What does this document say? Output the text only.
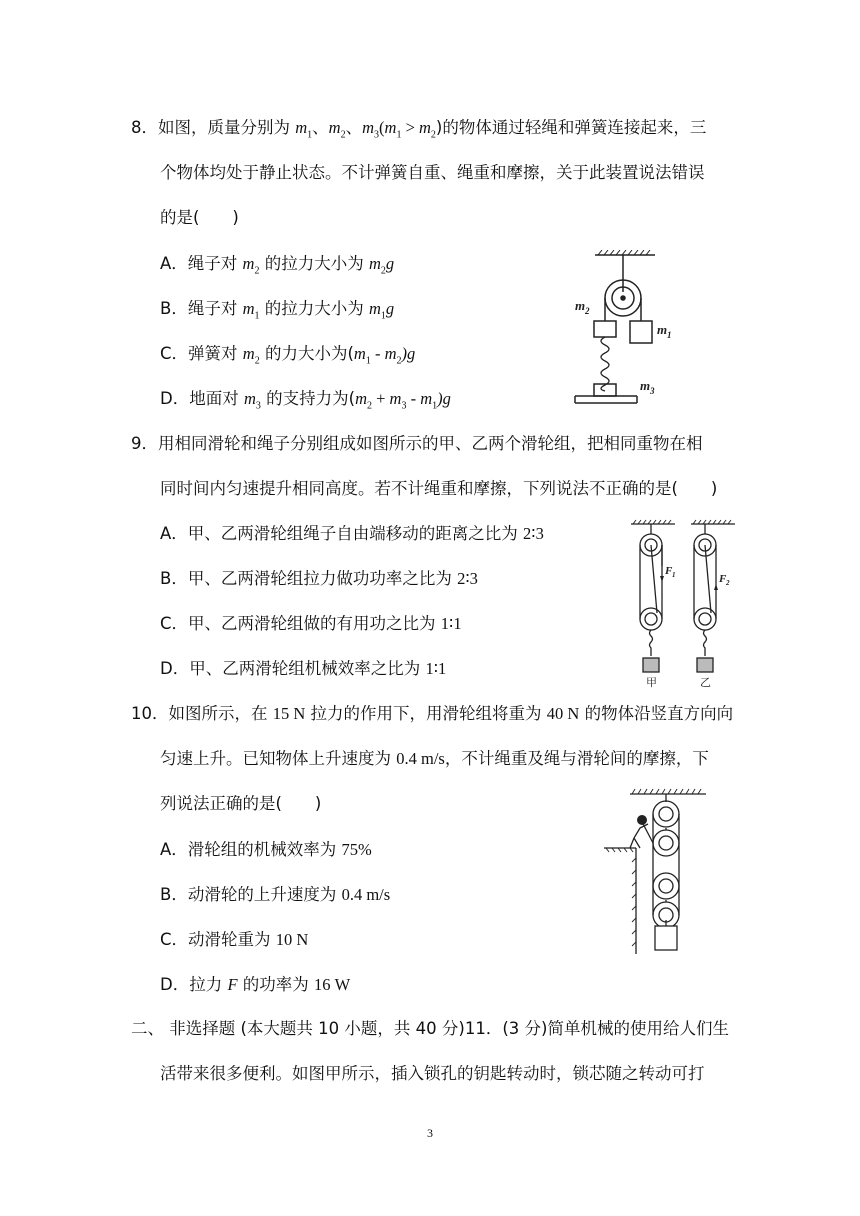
8．如图，质量分别为 $m_1$、$m_2$、$m_3(m_1 > m_2)$的物体通过轻绳和弹簧连接起来，三
个物体均处于静止状态。不计弹簧自重、绳重和摩擦，关于此装置说法错误
的是(　　)
A．绳子对 $m_2$ 的拉力大小为 $m_2g$
B．绳子对 $m_1$ 的拉力大小为 $m_1g$
C．弹簧对 $m_2$ 的力大小为$(m_1 - m_2)g$
D．地面对 $m_3$ 的支持力为$(m_2 + m_3 - m_1)g$
m 2
m 1
m 3
9．用相同滑轮和绳子分别组成如图所示的甲、乙两个滑轮组，把相同重物在相
同时间内匀速提升相同高度。若不计绳重和摩擦，下列说法不正确的是(　　)
A．甲、乙两滑轮组绳子自由端移动的距离之比为 2∶3
B．甲、乙两滑轮组拉力做功功率之比为 2∶3
C．甲、乙两滑轮组做的有用功之比为 1∶1
D．甲、乙两滑轮组机械效率之比为 1∶1
F 1	F 2
甲	乙
10．如图所示，在 15 N 拉力的作用下，用滑轮组将重为 40 N 的物体沿竖直方向向
匀速上升。已知物体上升速度为 0.4 m/s，不计绳重及绳与滑轮间的摩擦，下
列说法正确的是(　　)
A．滑轮组的机械效率为 75%
B．动滑轮的上升速度为 0.4 m/s
C．动滑轮重为 10 N
D．拉力 F 的功率为 16 W
二、 非选择题 (本大题共 10 小题，共 40 分)11．(3 分)简单机械的使用给人们生
活带来很多便利。如图甲所示，插入锁孔的钥匙转动时，锁芯随之转动可打
3
